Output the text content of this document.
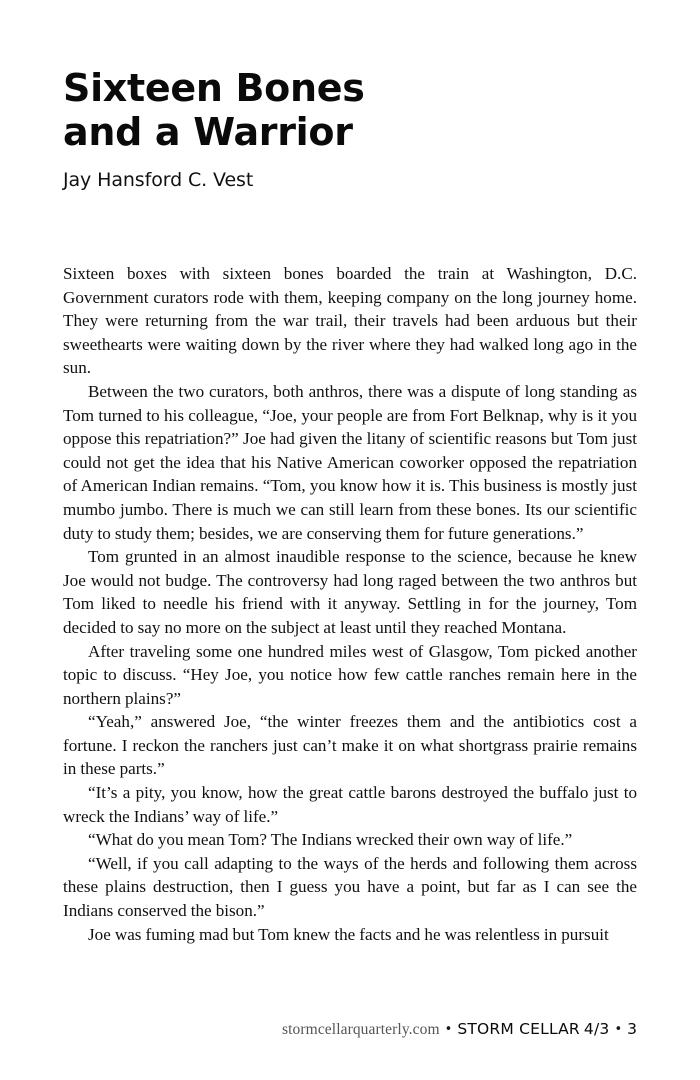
Sixteen Bones
and a Warrior

Jay Hansford C. Vest

Sixteen boxes with sixteen bones boarded the train at Washington, D.C. Government curators rode with them, keeping company on the long journey home. They were returning from the war trail, their travels had been arduous but their sweethearts were waiting down by the river where they had walked long ago in the sun.

Between the two curators, both anthros, there was a dispute of long standing as Tom turned to his colleague, “Joe, your people are from Fort Belknap, why is it you oppose this repatriation?” Joe had given the litany of scientific reasons but Tom just could not get the idea that his Native American coworker opposed the repatriation of American Indian remains. “Tom, you know how it is. This business is mostly just mumbo jumbo. There is much we can still learn from these bones. Its our scientific duty to study them; besides, we are conserving them for future generations.”

Tom grunted in an almost inaudible response to the science, because he knew Joe would not budge. The controversy had long raged between the two anthros but Tom liked to needle his friend with it anyway. Settling in for the journey, Tom decided to say no more on the subject at least until they reached Montana.

After traveling some one hundred miles west of Glasgow, Tom picked another topic to discuss. “Hey Joe, you notice how few cattle ranches remain here in the northern plains?”

“Yeah,” answered Joe, “the winter freezes them and the antibiotics cost a fortune. I reckon the ranchers just can’t make it on what shortgrass prairie remains in these parts.”

“It’s a pity, you know, how the great cattle barons destroyed the buffalo just to wreck the Indians’ way of life.”

“What do you mean Tom? The Indians wrecked their own way of life.”

“Well, if you call adapting to the ways of the herds and following them across these plains destruction, then I guess you have a point, but far as I can see the Indians conserved the bison.”

Joe was fuming mad but Tom knew the facts and he was relentless in pursuit

stormcellarquarterly.com • STORM CELLAR 4/3 • 3
